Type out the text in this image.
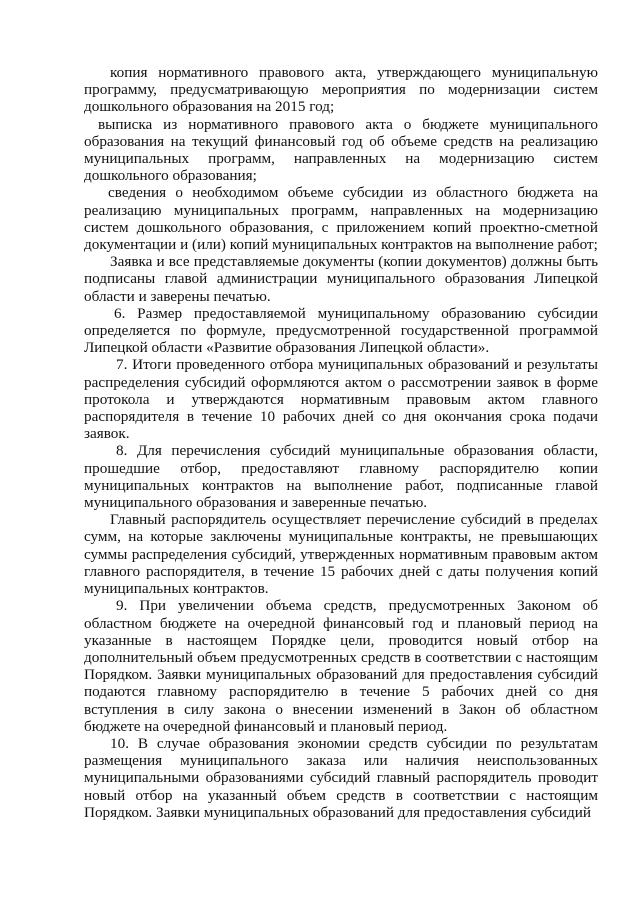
копия нормативного правового акта, утверждающего муниципальную программу, предусматривающую мероприятия по модернизации систем дошкольного образования на 2015 год;

выписка из нормативного правового акта о бюджете муниципального образования на текущий финансовый год об объеме средств на реализацию муниципальных программ, направленных на модернизацию систем дошкольного образования;

сведения о необходимом объеме субсидии из областного бюджета на реализацию муниципальных программ, направленных на модернизацию систем дошкольного образования, с приложением копий проектно-сметной документации и (или) копий муниципальных контрактов на выполнение работ;

Заявка и все представляемые документы (копии документов) должны быть подписаны главой администрации муниципального образования Липецкой области и заверены печатью.

6. Размер предоставляемой муниципальному образованию субсидии определяется по формуле, предусмотренной государственной программой Липецкой области «Развитие образования Липецкой области».

7. Итоги проведенного отбора муниципальных образований и результаты распределения субсидий оформляются актом о рассмотрении заявок в форме протокола и утверждаются нормативным правовым актом главного распорядителя в течение 10 рабочих дней со дня окончания срока подачи заявок.

8. Для перечисления субсидий муниципальные образования области, прошедшие отбор, предоставляют главному распорядителю копии муниципальных контрактов на выполнение работ, подписанные главой муниципального образования и заверенные печатью.

Главный распорядитель осуществляет перечисление субсидий в пределах сумм, на которые заключены муниципальные контракты, не превышающих суммы распределения субсидий, утвержденных нормативным правовым актом главного распорядителя, в течение 15 рабочих дней с даты получения копий муниципальных контрактов.

9. При увеличении объема средств, предусмотренных Законом об областном бюджете на очередной финансовый год и плановый период на указанные в настоящем Порядке цели, проводится новый отбор на дополнительный объем предусмотренных средств в соответствии с настоящим Порядком. Заявки муниципальных образований для предоставления субсидий подаются главному распорядителю в течение 5 рабочих дней со дня вступления в силу закона о внесении изменений в Закон об областном бюджете на очередной финансовый и плановый период.

10. В случае образования экономии средств субсидии по результатам размещения муниципального заказа или наличия неиспользованных муниципальными образованиями субсидий главный распорядитель проводит новый отбор на указанный объем средств в соответствии с настоящим Порядком. Заявки муниципальных образований для предоставления субсидий
